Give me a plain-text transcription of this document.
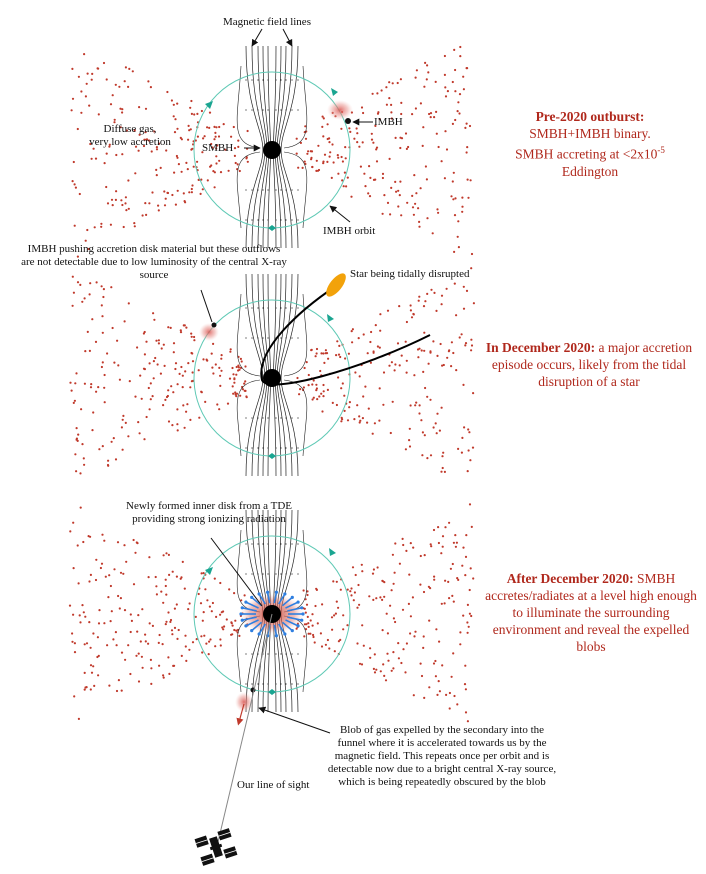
Magnetic field lines
Diffuse gas,
very low accretion	SMBH
IMBH
IMBH orbit
Pre-2020 outburst:
SMBH+IMBH binary.
SMBH accreting at $<2x10^{-5}$
Eddington
IMBH pushing accretion disk material but these outflows are not detectable due to low luminosity of the central X-ray source	Star being tidally disrupted
In December 2020: a major accretion episode occurs, likely from the tidal disruption of a star
Newly formed inner disk from a TDE providing strong ionizing radiation
After December 2020: SMBH accretes/radiates at a level high enough to illuminate the surrounding environment and reveal the expelled blobs
Blob of gas expelled by the secondary into the funnel where it is accelerated towards us by the magnetic field. This repeats once per orbit and is detectable now due to a bright central X-ray source, which is being repeatedly obscured by the blob
Our line of sight
